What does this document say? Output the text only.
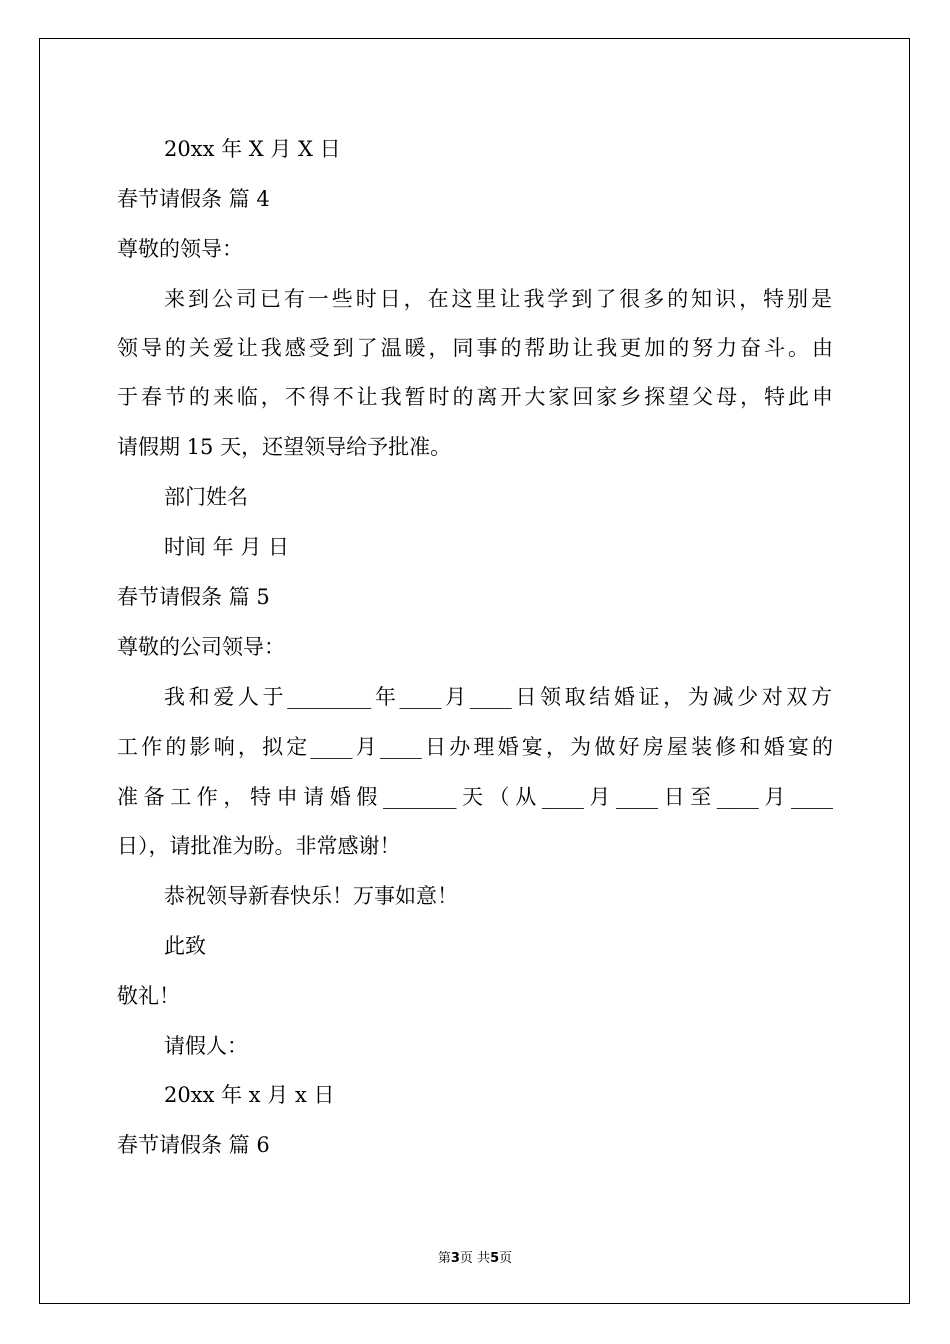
20xx 年 X 月 X 日
春节请假条 篇 4
尊敬的领导：
来到公司已有一些时日，在这里让我学到了很多的知识，特别是
领导的关爱让我感受到了温暖，同事的帮助让我更加的努力奋斗。由
于春节的来临，不得不让我暂时的离开大家回家乡探望父母，特此申
请假期 15 天，还望领导给予批准。
部门姓名
时间 年 月 日
春节请假条 篇 5
尊敬的公司领导：
我和爱人于________年____月____日领取结婚证，为减少对双方
工作的影响，拟定____月____日办理婚宴，为做好房屋装修和婚宴的
准备工作，特申请婚假_______天（从____月____日至____月____
日），请批准为盼。非常感谢！
恭祝领导新春快乐！万事如意！
此致
敬礼！
请假人：
20xx 年 x 月 x 日
春节请假条 篇 6
第3页 共5页
